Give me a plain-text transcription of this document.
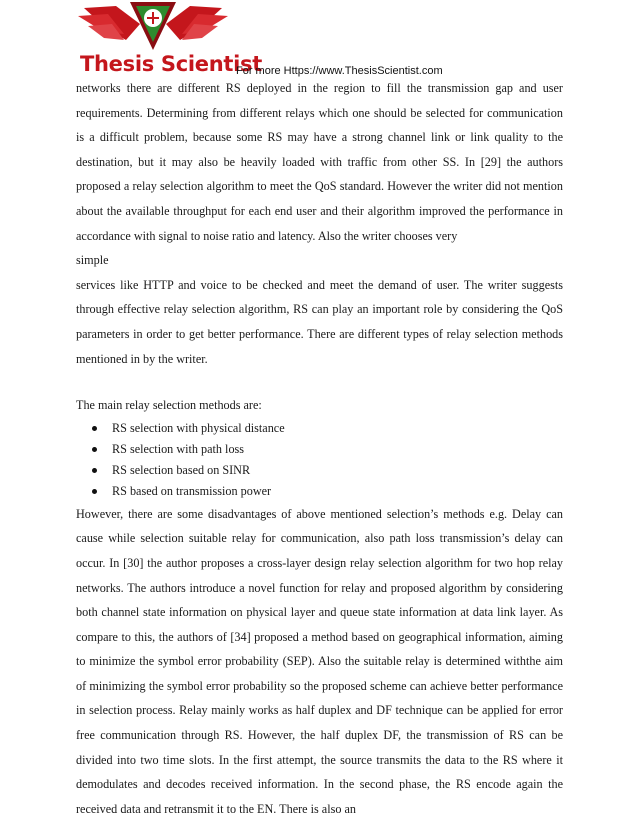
Thesis Scientist
For more Https://www.ThesisScientist.com

networks there are different RS deployed in the region to fill the transmission gap and user requirements. Determining from different relays which one should be selected for communication is a difficult problem, because some RS may have a strong channel link or link quality to the destination, but it may also be heavily loaded with traffic from other SS. In [29] the authors proposed a relay selection algorithm to meet the QoS standard. However the writer did not mention about the available throughput for each end user and their algorithm improved the performance in accordance with signal to noise ratio and latency. Also the writer chooses very

simple

services like HTTP and voice to be checked and meet the demand of user. The writer suggests through effective relay selection algorithm, RS can play an important role by considering the QoS parameters in order to get better performance. There are different types of relay selection methods mentioned in by the writer.

The main relay selection methods are:

RS selection with physical distance
RS selection with path loss
RS selection based on SINR
RS based on transmission power

However, there are some disadvantages of above mentioned selection’s methods e.g. Delay can cause while selection suitable relay for communication, also path loss transmission’s delay can occur. In [30] the author proposes a cross-layer design relay selection algorithm for two hop relay networks. The authors introduce a novel function for relay and proposed algorithm by considering both channel state information on physical layer and queue state information at data link layer. As compare to this, the authors of [34] proposed a method based on geographical information, aiming to minimize the symbol error probability (SEP). Also the suitable relay is determined withthe aim of minimizing the symbol error probability so the proposed scheme can achieve better performance in selection process. Relay mainly works as half duplex and DF technique can be applied for error free communication through RS. However, the half duplex DF, the transmission of RS can be divided into two time slots. In the first attempt, the source transmits the data to the RS where it demodulates and decodes received information. In the second phase, the RS encode again the received data and retransmit it to the EN. There is also an
